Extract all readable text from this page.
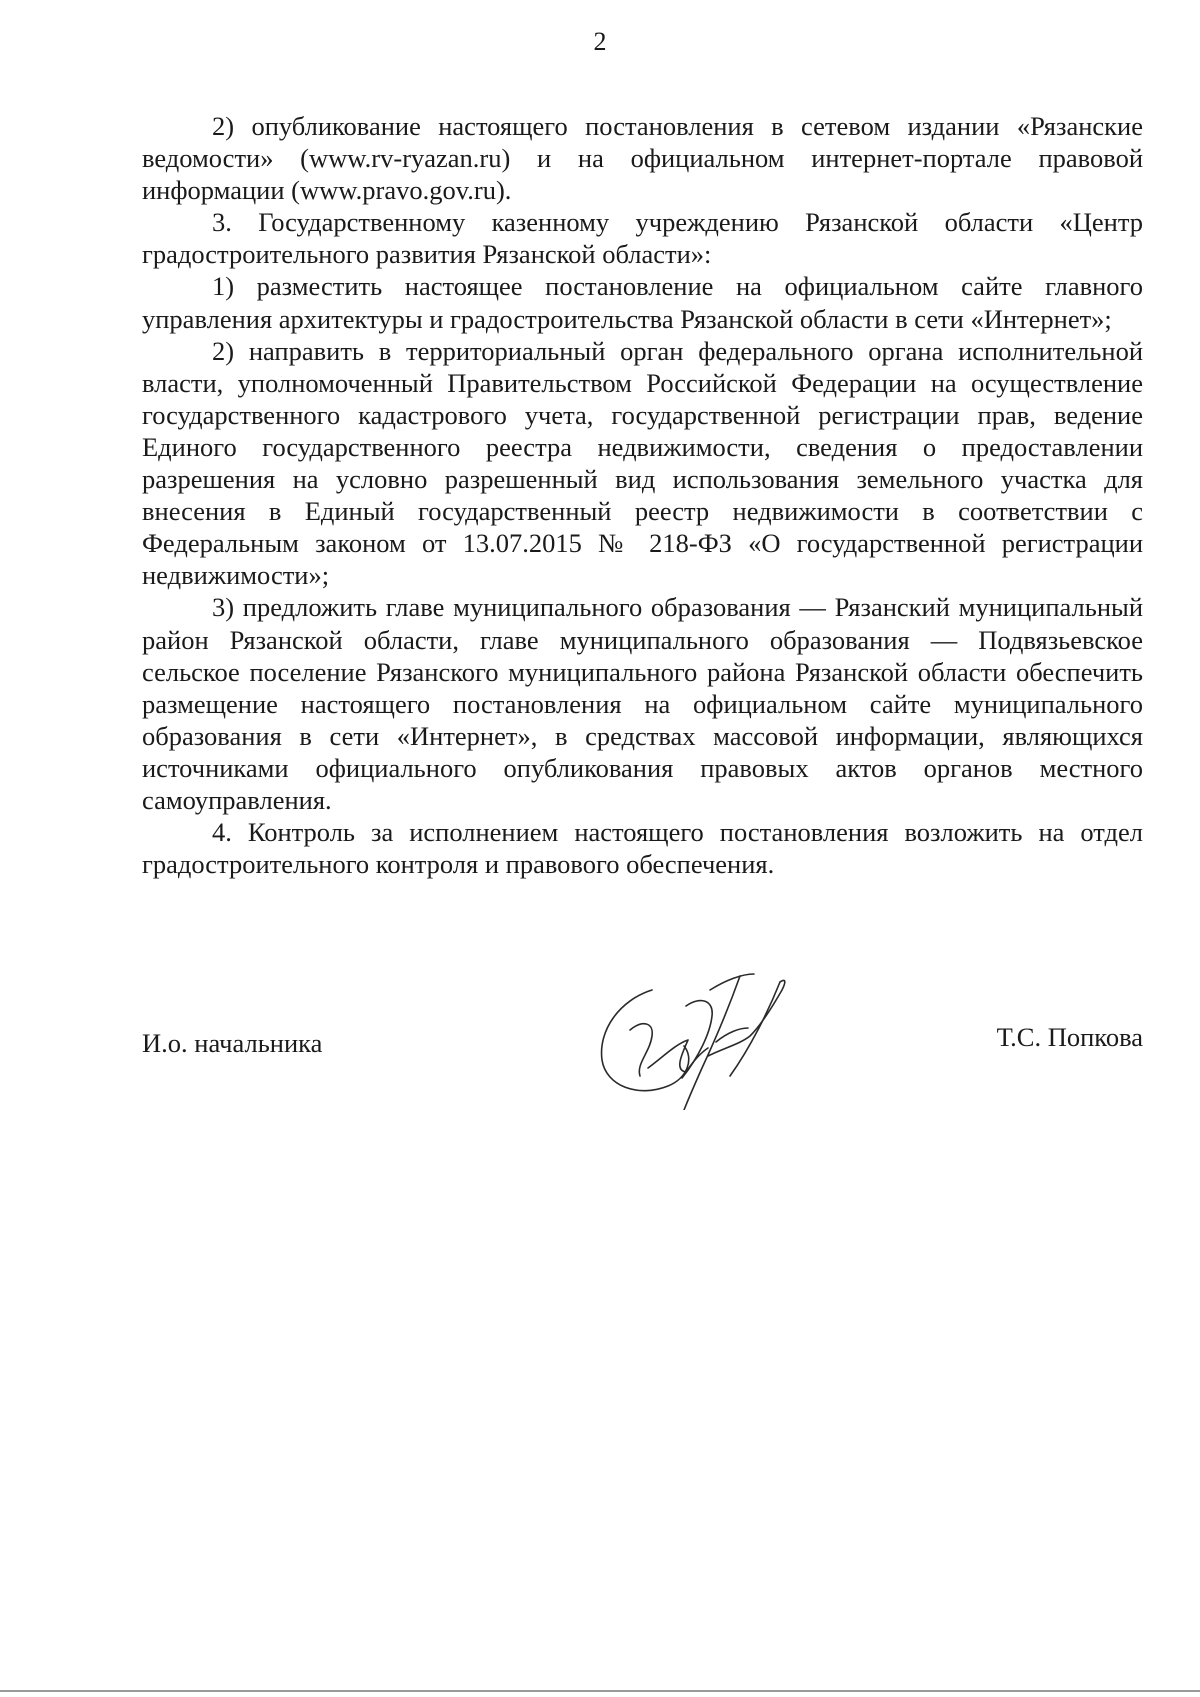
2

2) опубликование настоящего постановления в сетевом издании «Рязанские ведомости» (www.rv-ryazan.ru) и на официальном интернет-портале правовой информации (www.pravo.gov.ru).

3. Государственному казенному учреждению Рязанской области «Центр градостроительного развития Рязанской области»:

1) разместить настоящее постановление на официальном сайте главного управления архитектуры и градостроительства Рязанской области в сети «Интернет»;

2) направить в территориальный орган федерального органа исполнительной власти, уполномоченный Правительством Российской Федерации на осуществление государственного кадастрового учета, государственной регистрации прав, ведение Единого государственного реестра недвижимости, сведения о предоставлении разрешения на условно разрешенный вид использования земельного участка для внесения в Единый государственный реестр недвижимости в соответствии с Федеральным законом от 13.07.2015 № 218-ФЗ «О государственной регистрации недвижимости»;

3) предложить главе муниципального образования — Рязанский муниципальный район Рязанской области, главе муниципального образования — Подвязьевское сельское поселение Рязанского муниципального района Рязанской области обеспечить размещение настоящего постановления на официальном сайте муниципального образования в сети «Интернет», в средствах массовой информации, являющихся источниками официального опубликования правовых актов органов местного самоуправления.

4. Контроль за исполнением настоящего постановления возложить на отдел градостроительного контроля и правового обеспечения.

И.о. начальника	Т.С. Попкова
